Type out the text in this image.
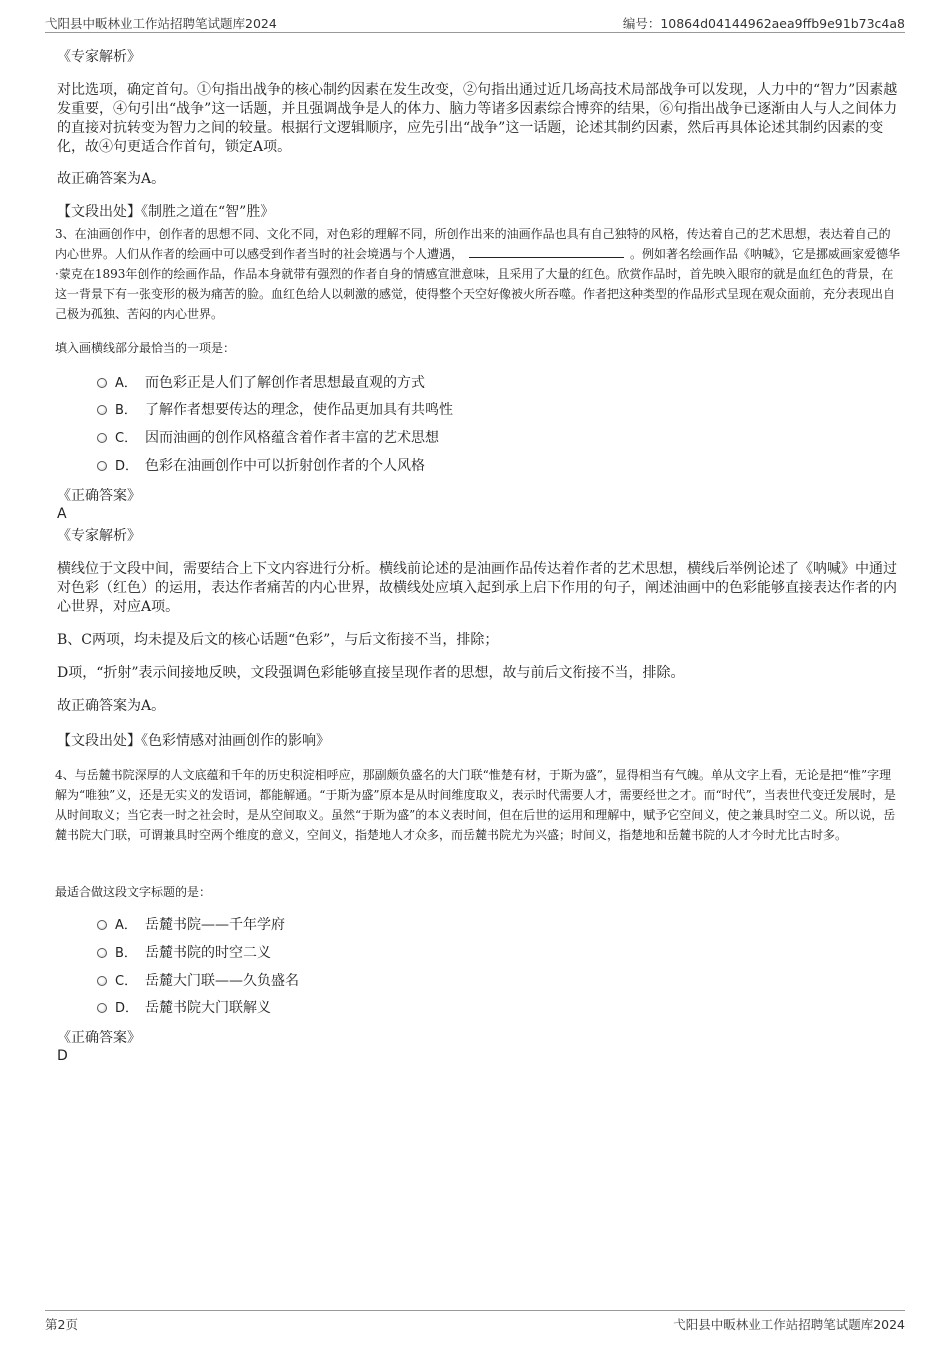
弋阳县中畈林业工作站招聘笔试题库2024	编号：10864d04144962aea9ffb9e91b73c4a8
《专家解析》
对比选项，确定首句。①句指出战争的核心制约因素在发生改变，②句指出通过近几场高技术局部战争可以发现，人力中的“智力”因素越发重要，④句引出“战争”这一话题，并且强调战争是人的体力、脑力等诸多因素综合博弈的结果，⑥句指出战争已逐渐由人与人之间体力的直接对抗转变为智力之间的较量。根据行文逻辑顺序，应先引出“战争”这一话题，论述其制约因素，然后再具体论述其制约因素的变化，故④句更适合作首句，锁定A项。
故正确答案为A。
【文段出处】《制胜之道在“智”胜》
3、在油画创作中，创作者的思想不同、文化不同，对色彩的理解不同，所创作出来的油画作品也具有自己独特的风格，传达着自己的艺术思想，表达着自己的内心世界。人们从作者的绘画中可以感受到作者当时的社会境遇与个人遭遇，	。例如著名绘画作品《呐喊》，它是挪威画家爱德华·蒙克在1893年创作的绘画作品，作品本身就带有强烈的作者自身的情感宣泄意味，且采用了大量的红色。欣赏作品时，首先映入眼帘的就是血红色的背景，在这一背景下有一张变形的极为痛苦的脸。血红色给人以刺激的感觉，使得整个天空好像被火所吞噬。作者把这种类型的作品形式呈现在观众面前，充分表现出自己极为孤独、苦闷的内心世界。
填入画横线部分最恰当的一项是：
A． 而色彩正是人们了解创作者思想最直观的方式
B． 了解作者想要传达的理念，使作品更加具有共鸣性
C． 因而油画的创作风格蕴含着作者丰富的艺术思想
D． 色彩在油画创作中可以折射创作者的个人风格
《正确答案》
A
《专家解析》
横线位于文段中间，需要结合上下文内容进行分析。横线前论述的是油画作品传达着作者的艺术思想，横线后举例论述了《呐喊》中通过对色彩（红色）的运用，表达作者痛苦的内心世界，故横线处应填入起到承上启下作用的句子，阐述油画中的色彩能够直接表达作者的内心世界，对应A项。
B、C两项，均未提及后文的核心话题“色彩”，与后文衔接不当，排除；
D项，“折射”表示间接地反映，文段强调色彩能够直接呈现作者的思想，故与前后文衔接不当，排除。
故正确答案为A。
【文段出处】《色彩情感对油画创作的影响》
4、与岳麓书院深厚的人文底蕴和千年的历史积淀相呼应，那副颇负盛名的大门联“惟楚有材，于斯为盛”，显得相当有气魄。单从文字上看，无论是把“惟”字理解为“唯独”义，还是无实义的发语词，都能解通。“于斯为盛”原本是从时间维度取义，表示时代需要人才，需要经世之才。而“时代”，当表世代变迁发展时，是从时间取义；当它表一时之社会时，是从空间取义。虽然“于斯为盛”的本义表时间，但在后世的运用和理解中，赋予它空间义，使之兼具时空二义。所以说，岳麓书院大门联，可谓兼具时空两个维度的意义，空间义，指楚地人才众多，而岳麓书院尤为兴盛；时间义，指楚地和岳麓书院的人才今时尤比古时多。
最适合做这段文字标题的是：
A． 岳麓书院——千年学府
B． 岳麓书院的时空二义
C． 岳麓大门联——久负盛名
D． 岳麓书院大门联解义
《正确答案》
D
第2页	弋阳县中畈林业工作站招聘笔试题库2024
